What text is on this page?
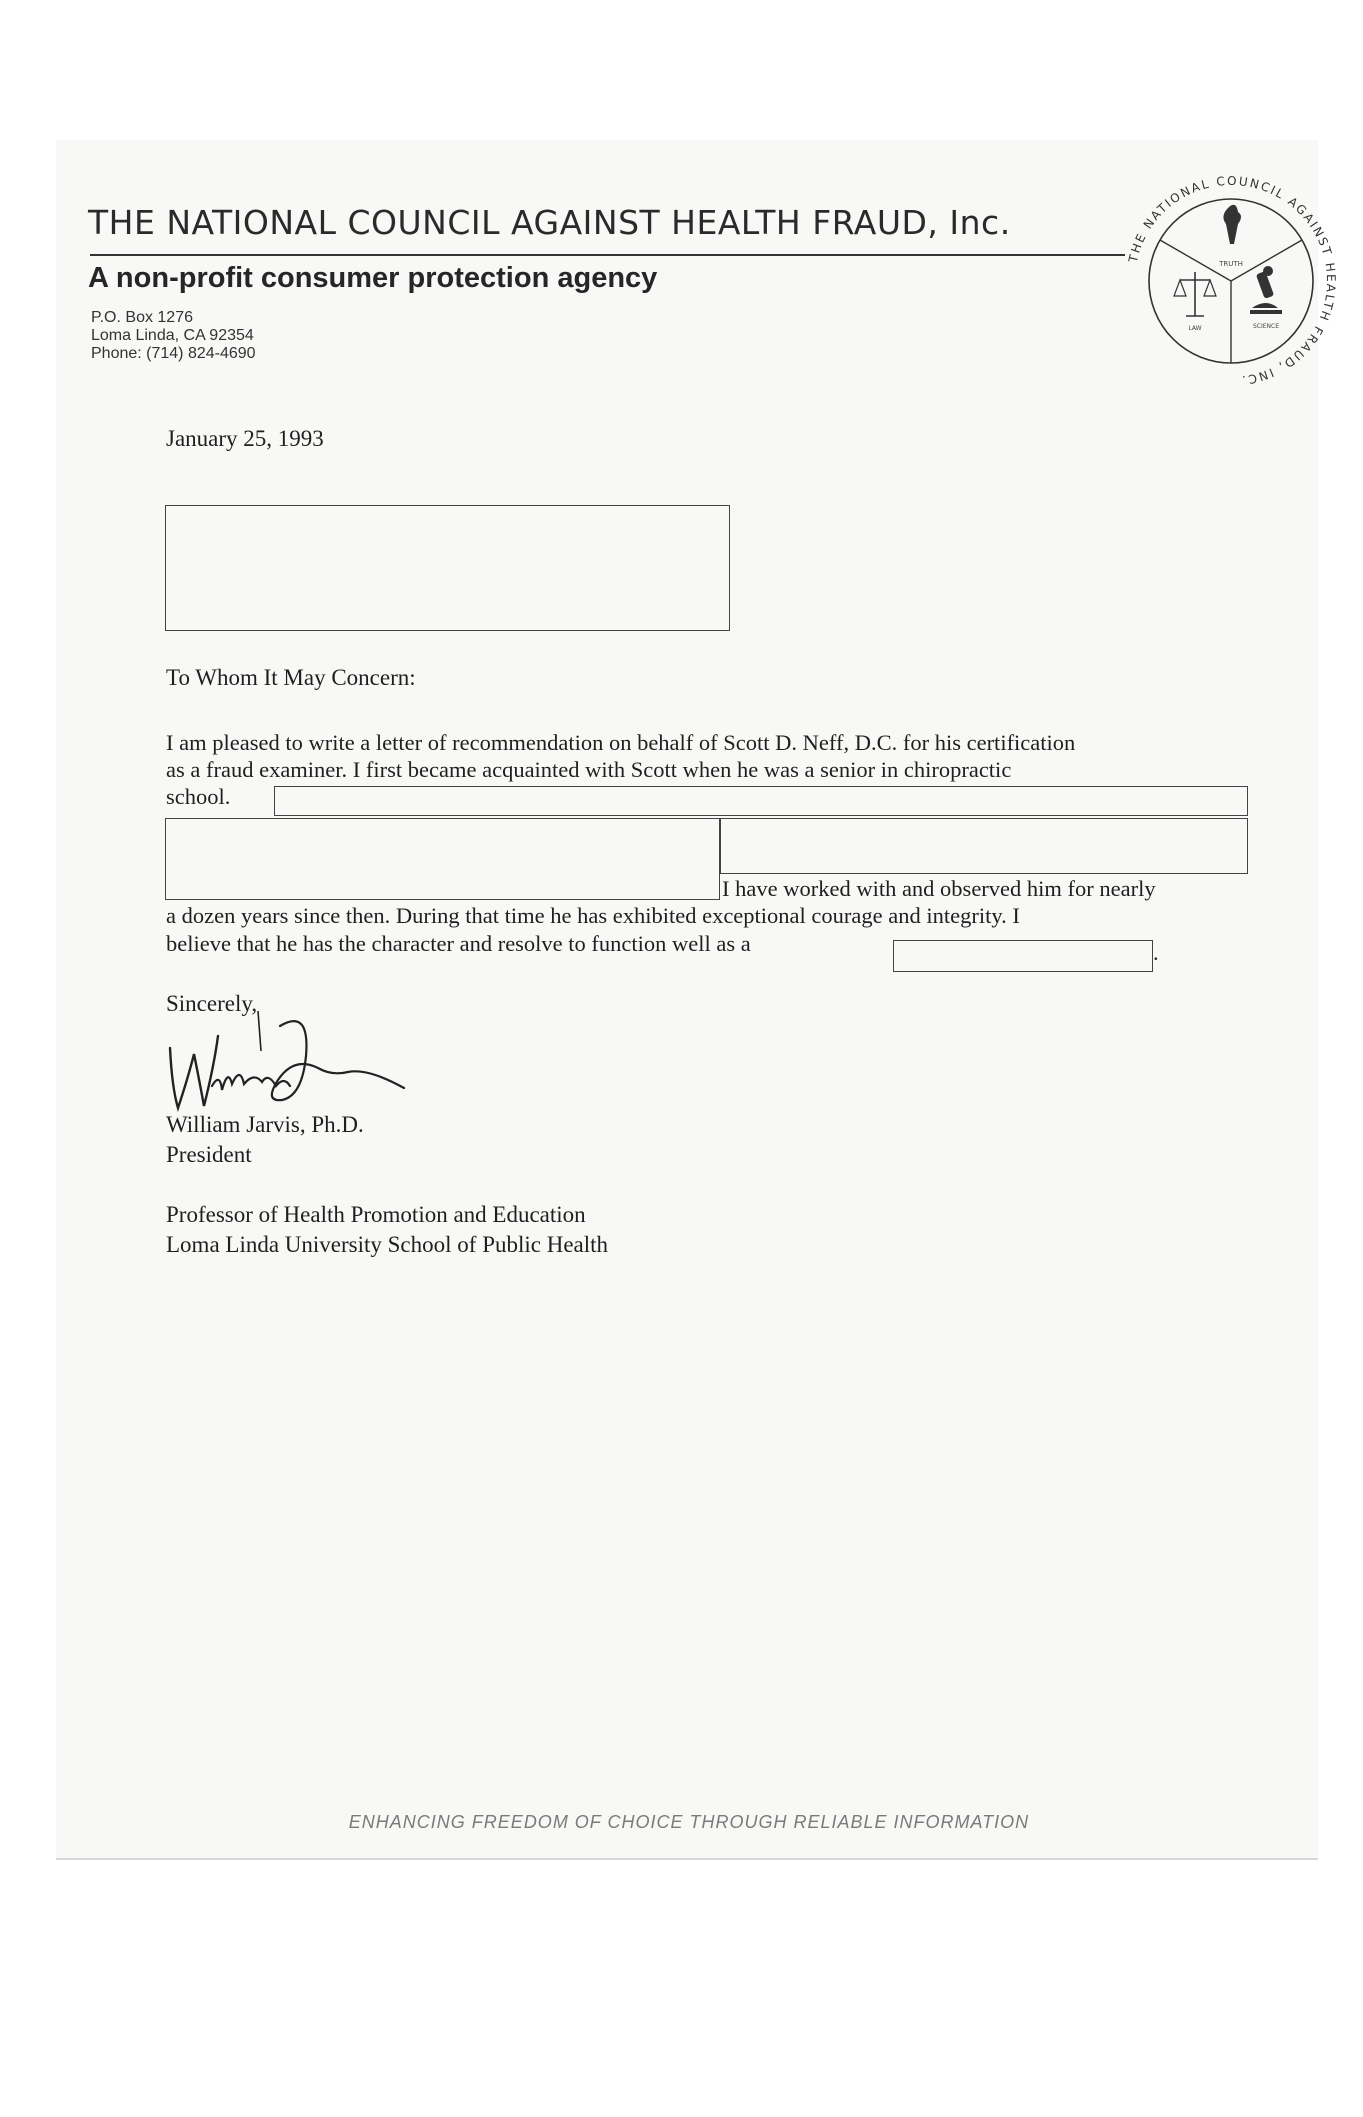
THE NATIONAL COUNCIL AGAINST HEALTH FRAUD, Inc.
A non-profit consumer protection agency
P.O. Box 1276
Loma Linda, CA 92354
Phone: (714) 824-4690
THE NATIONAL COUNCIL AGAINST HEALTH FRAUD, INC.
TRUTH
LAW	SCIENCE
January 25, 1993
To Whom It May Concern:
I am pleased to write a letter of recommendation on behalf of Scott D. Neff, D.C. for his certification
as a fraud examiner. I first became acquainted with Scott when he was a senior in chiropractic
school.
I have worked with and observed him for nearly
a dozen years since then. During that time he has exhibited exceptional courage and integrity. I
believe that he has the character and resolve to function well as a	.
Sincerely,
William Jarvis, Ph.D.
President
Professor of Health Promotion and Education
Loma Linda University School of Public Health
ENHANCING FREEDOM OF CHOICE THROUGH RELIABLE INFORMATION
